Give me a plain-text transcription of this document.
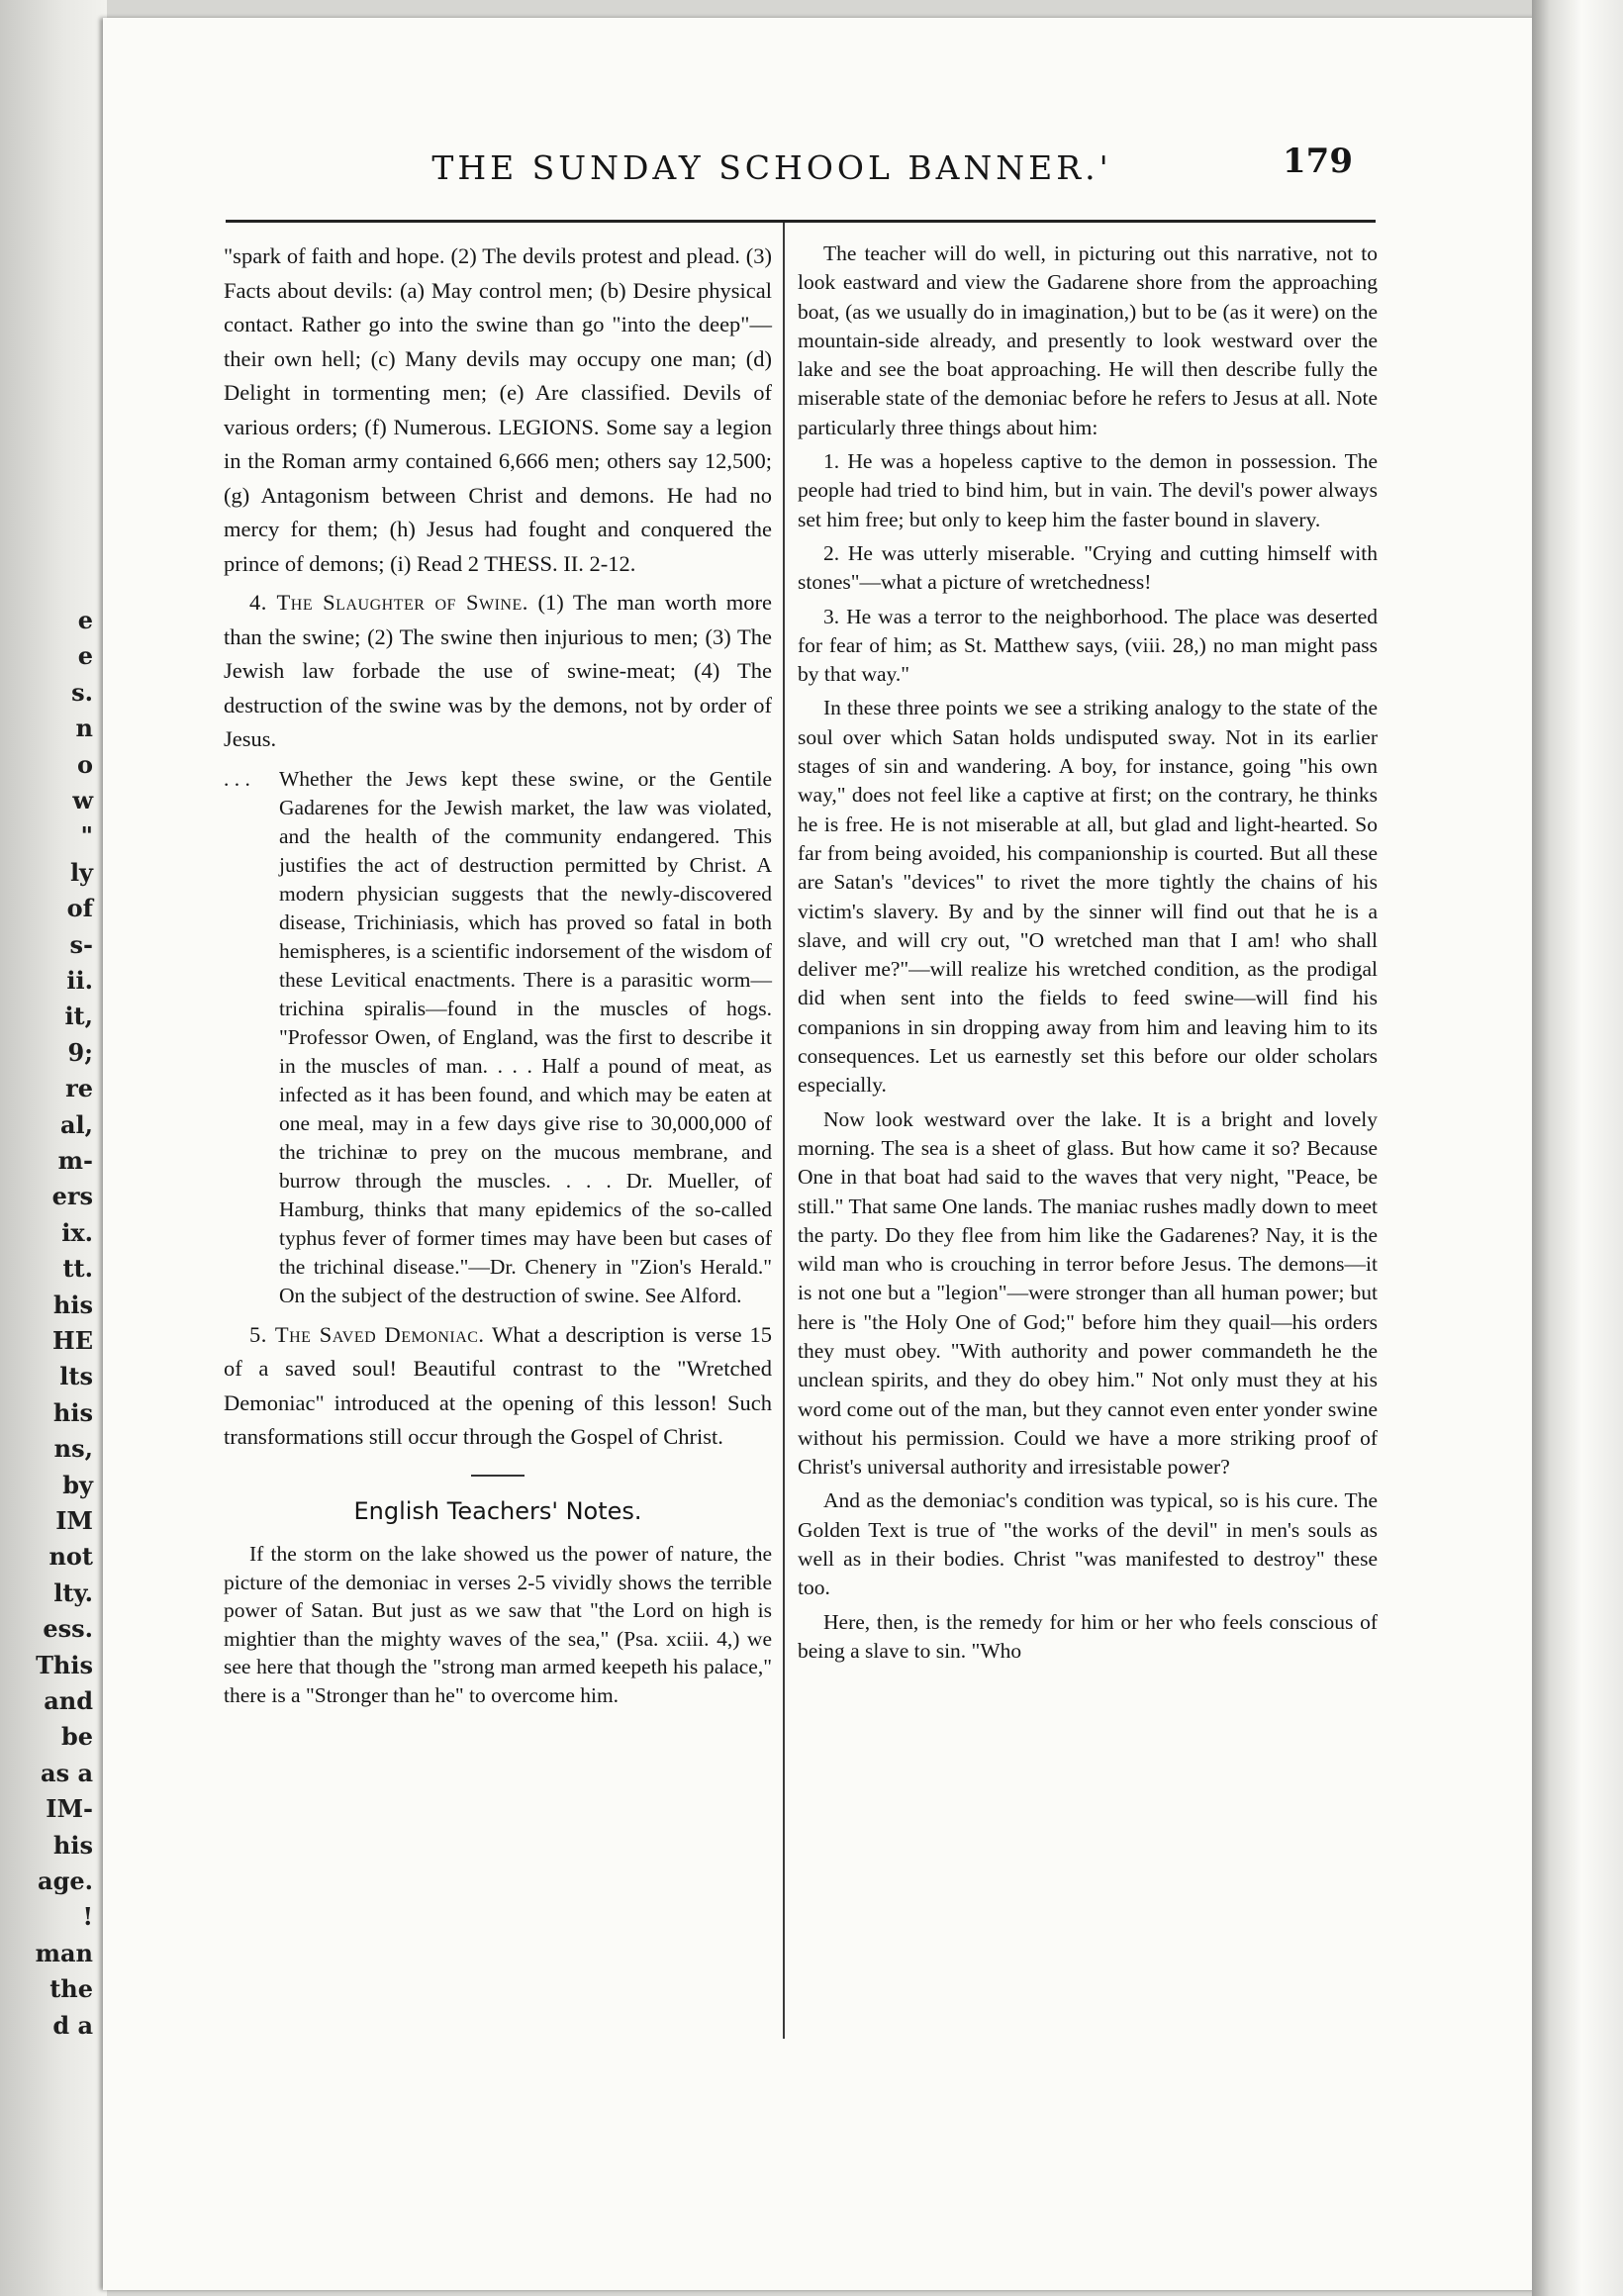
e
e
s.
n
o
w
"
ly
of
s-
ii.
it,
9;
re
al,
m-
ers
ix.
tt.
his
HE
lts
his
ns,
by
IM
not
lty.
ess.
This
and
be
as a
IM-
his
age.
!
man
the
d a
THE SUNDAY SCHOOL BANNER.'	179

"spark of faith and hope. (2) The devils protest and plead. (3) Facts about devils: (a) May control men; (b) Desire physical contact. Rather go into the swine than go "into the deep"—their own hell; (c) Many devils may occupy one man; (d) Delight in tormenting men; (e) Are classified. Devils of various orders; (f) Numerous. LEGIONS. Some say a legion in the Roman army contained 6,666 men; others say 12,500; (g) Antagonism between Christ and demons. He had no mercy for them; (h) Jesus had fought and conquered the prince of demons; (i) Read 2 THESS. II. 2-12.

4. The Slaughter of Swine. (1) The man worth more than the swine; (2) The swine then injurious to men; (3) The Jewish law forbade the use of swine-meat; (4) The destruction of the swine was by the demons, not by order of Jesus.

. . . Whether the Jews kept these swine, or the Gentile Gadarenes for the Jewish market, the law was violated, and the health of the community endangered. This justifies the act of destruction permitted by Christ. A modern physician suggests that the newly-discovered disease, Trichiniasis, which has proved so fatal in both hemispheres, is a scientific indorsement of the wisdom of these Levitical enactments. There is a parasitic worm—trichina spiralis—found in the muscles of hogs. "Professor Owen, of England, was the first to describe it in the muscles of man. . . . Half a pound of meat, as infected as it has been found, and which may be eaten at one meal, may in a few days give rise to 30,000,000 of the trichinæ to prey on the mucous membrane, and burrow through the muscles. . . . Dr. Mueller, of Hamburg, thinks that many epidemics of the so-called typhus fever of former times may have been but cases of the trichinal disease."—Dr. Chenery in "Zion's Herald." On the subject of the destruction of swine. See Alford.

5. The Saved Demoniac. What a description is verse 15 of a saved soul! Beautiful contrast to the "Wretched Demoniac" introduced at the opening of this lesson! Such transformations still occur through the Gospel of Christ.

English Teachers' Notes.

If the storm on the lake showed us the power of nature, the picture of the demoniac in verses 2-5 vividly shows the terrible power of Satan. But just as we saw that "the Lord on high is mightier than the mighty waves of the sea," (Psa. xciii. 4,) we see here that though the "strong man armed keepeth his palace," there is a "Stronger than he" to overcome him.

The teacher will do well, in picturing out this narrative, not to look eastward and view the Gadarene shore from the approaching boat, (as we usually do in imagination,) but to be (as it were) on the mountain-side already, and presently to look westward over the lake and see the boat approaching. He will then describe fully the miserable state of the demoniac before he refers to Jesus at all. Note particularly three things about him:

1. He was a hopeless captive to the demon in possession. The people had tried to bind him, but in vain. The devil's power always set him free; but only to keep him the faster bound in slavery.

2. He was utterly miserable. "Crying and cutting himself with stones"—what a picture of wretchedness!

3. He was a terror to the neighborhood. The place was deserted for fear of him; as St. Matthew says, (viii. 28,) no man might pass by that way."

In these three points we see a striking analogy to the state of the soul over which Satan holds undisputed sway. Not in its earlier stages of sin and wandering. A boy, for instance, going "his own way," does not feel like a captive at first; on the contrary, he thinks he is free. He is not miserable at all, but glad and light-hearted. So far from being avoided, his companionship is courted. But all these are Satan's "devices" to rivet the more tightly the chains of his victim's slavery. By and by the sinner will find out that he is a slave, and will cry out, "O wretched man that I am! who shall deliver me?"—will realize his wretched condition, as the prodigal did when sent into the fields to feed swine—will find his companions in sin dropping away from him and leaving him to its consequences. Let us earnestly set this before our older scholars especially.

Now look westward over the lake. It is a bright and lovely morning. The sea is a sheet of glass. But how came it so? Because One in that boat had said to the waves that very night, "Peace, be still." That same One lands. The maniac rushes madly down to meet the party. Do they flee from him like the Gadarenes? Nay, it is the wild man who is crouching in terror before Jesus. The demons—it is not one but a "legion"—were stronger than all human power; but here is "the Holy One of God;" before him they quail—his orders they must obey. "With authority and power commandeth he the unclean spirits, and they do obey him." Not only must they at his word come out of the man, but they cannot even enter yonder swine without his permission. Could we have a more striking proof of Christ's universal authority and irresistable power?

And as the demoniac's condition was typical, so is his cure. The Golden Text is true of "the works of the devil" in men's souls as well as in their bodies. Christ "was manifested to destroy" these too.

Here, then, is the remedy for him or her who feels conscious of being a slave to sin. "Who
